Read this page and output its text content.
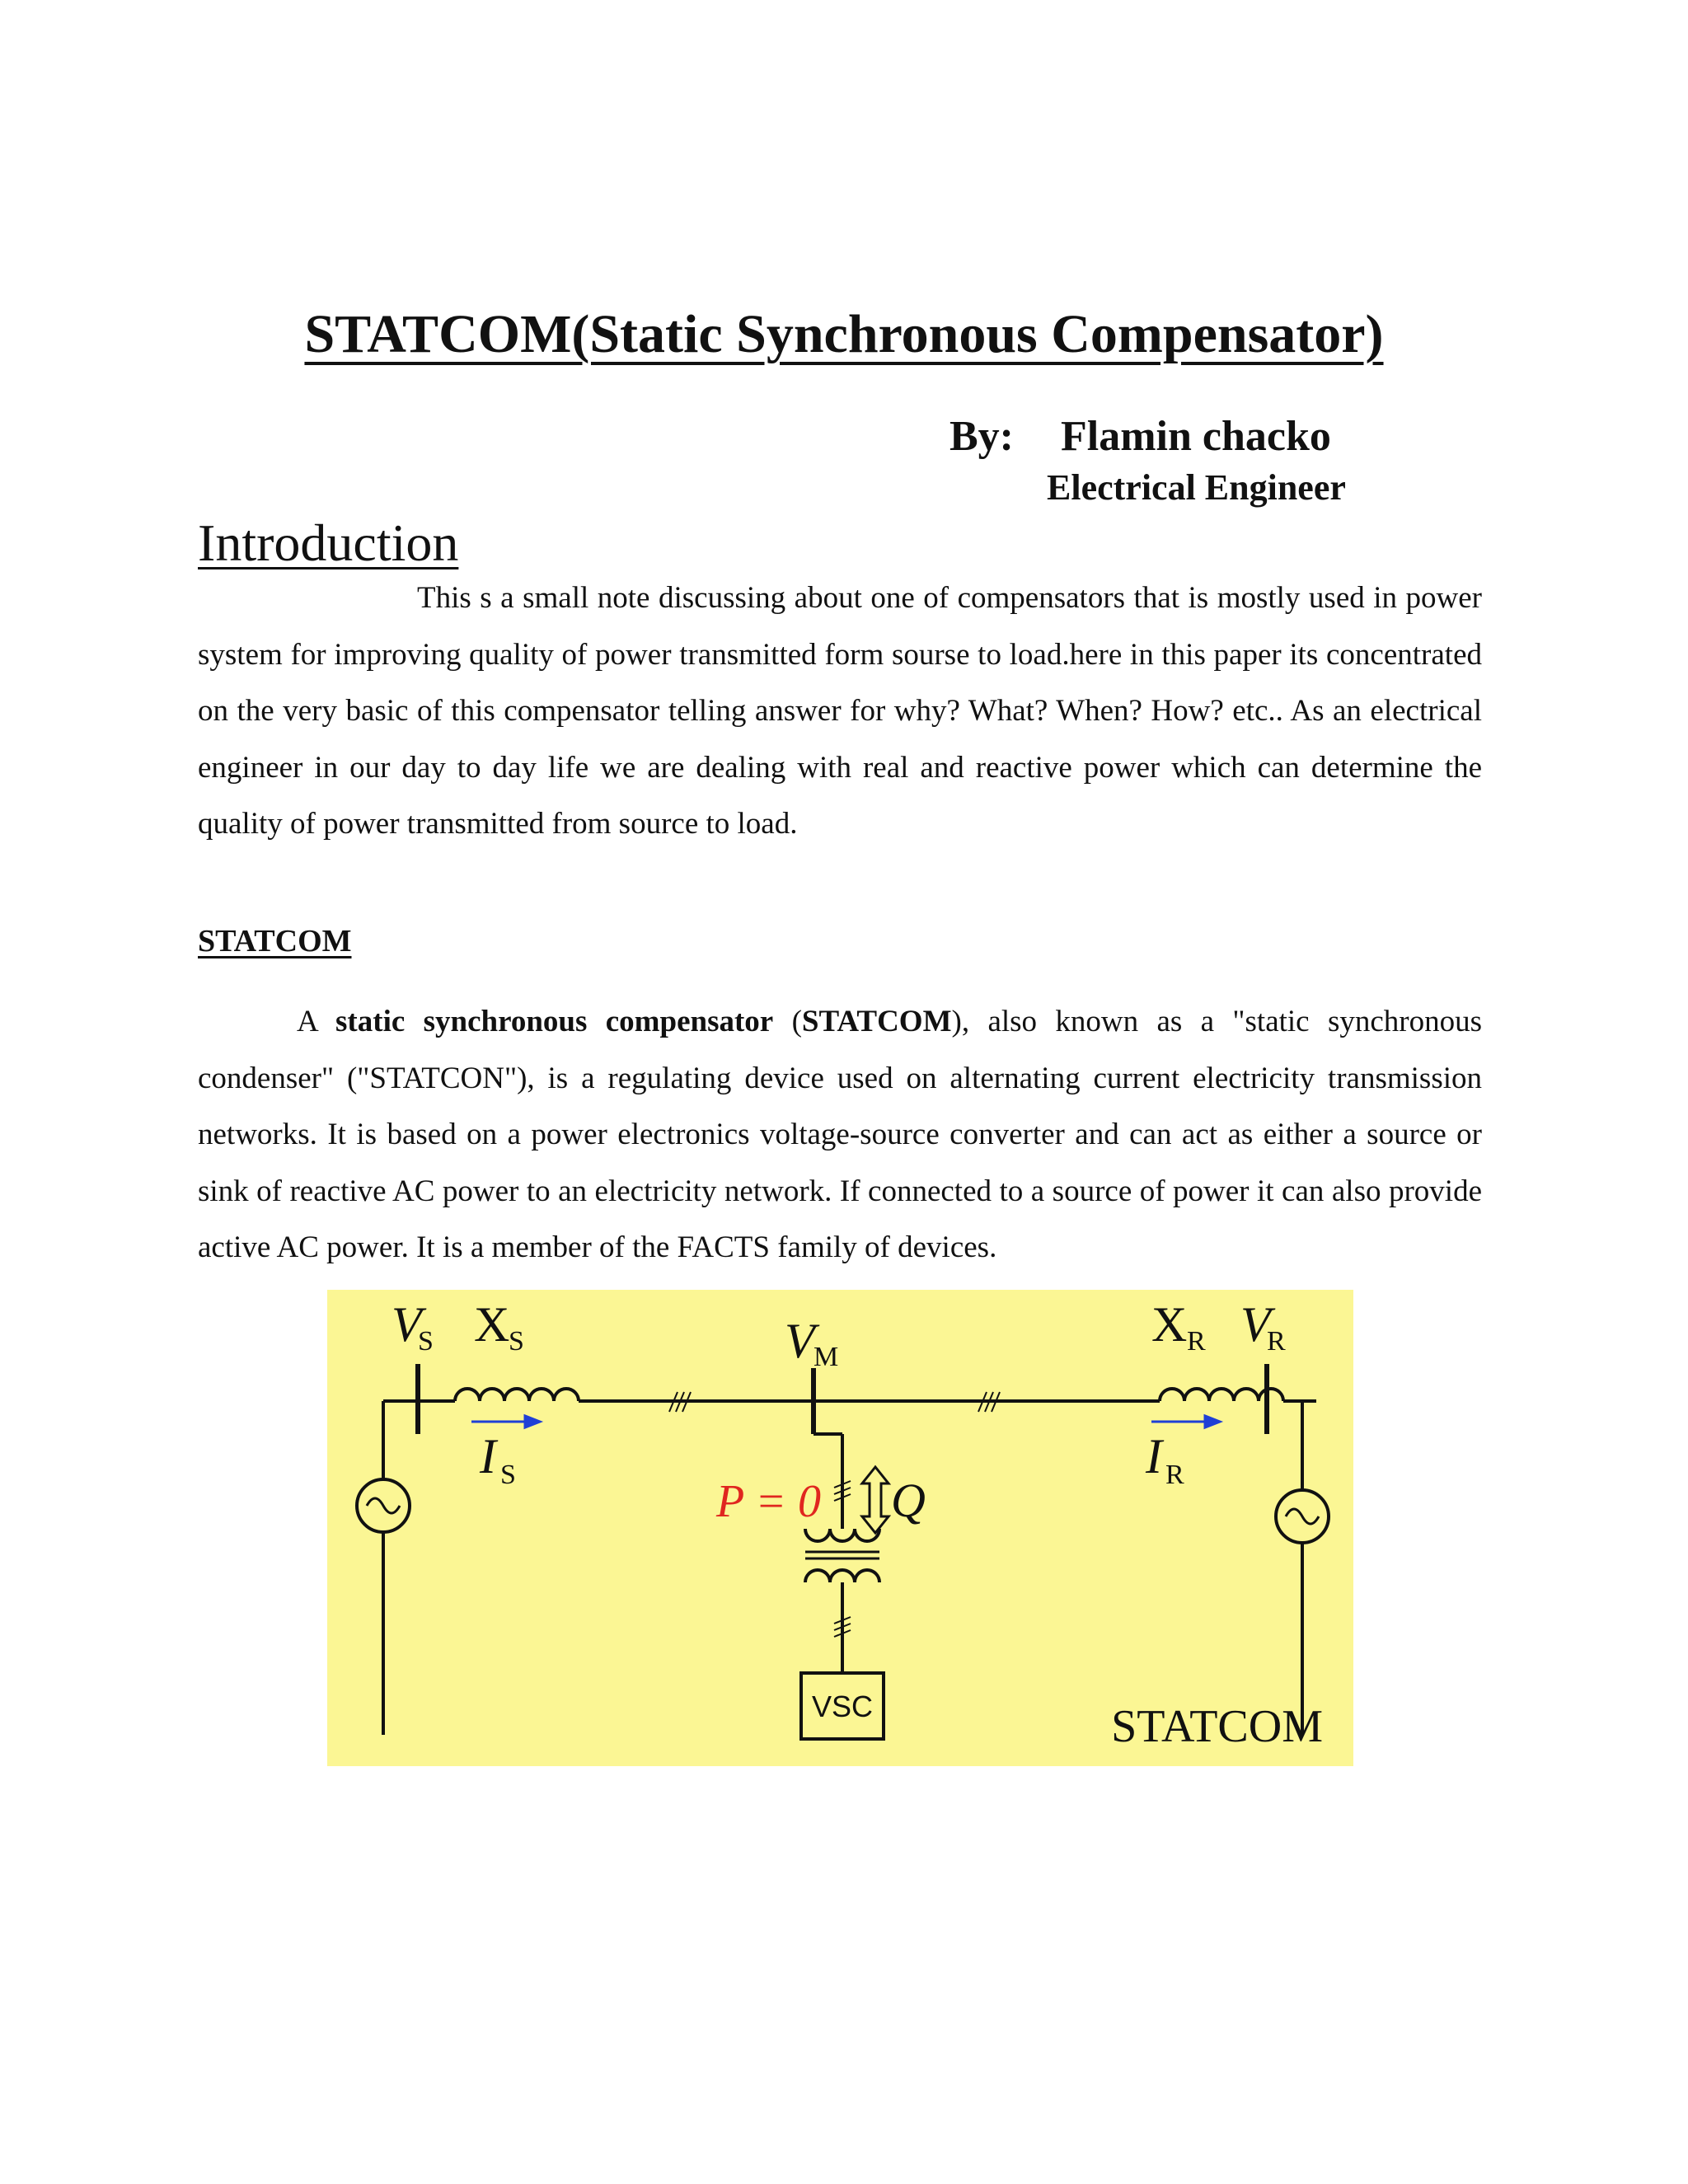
STATCOM(Static Synchronous Compensator)
By: Flamin chacko
Electrical Engineer
Introduction
This s a small note discussing about one of compensators that is mostly used in power system for improving quality of power transmitted form sourse to load.here in this paper its concentrated on the very basic of this compensator telling answer for why? What? When? How? etc.. As an electrical engineer in our day to day life we are dealing with real and reactive power which can determine the quality of power transmitted from source to load.
STATCOM
A static synchronous compensator (STATCOM), also known as a "static synchronous condenser" ("STATCON"), is a regulating device used on alternating current electricity transmission networks. It is based on a power electronics voltage-source converter and can act as either a source or sink of reactive AC power to an electricity network. If connected to a source of power it can also provide active AC power. It is a member of the FACTS family of devices.
V
S X
S
I S
V
M
X R V
R
I R
P = 0 Q
VSC	STATCOM
